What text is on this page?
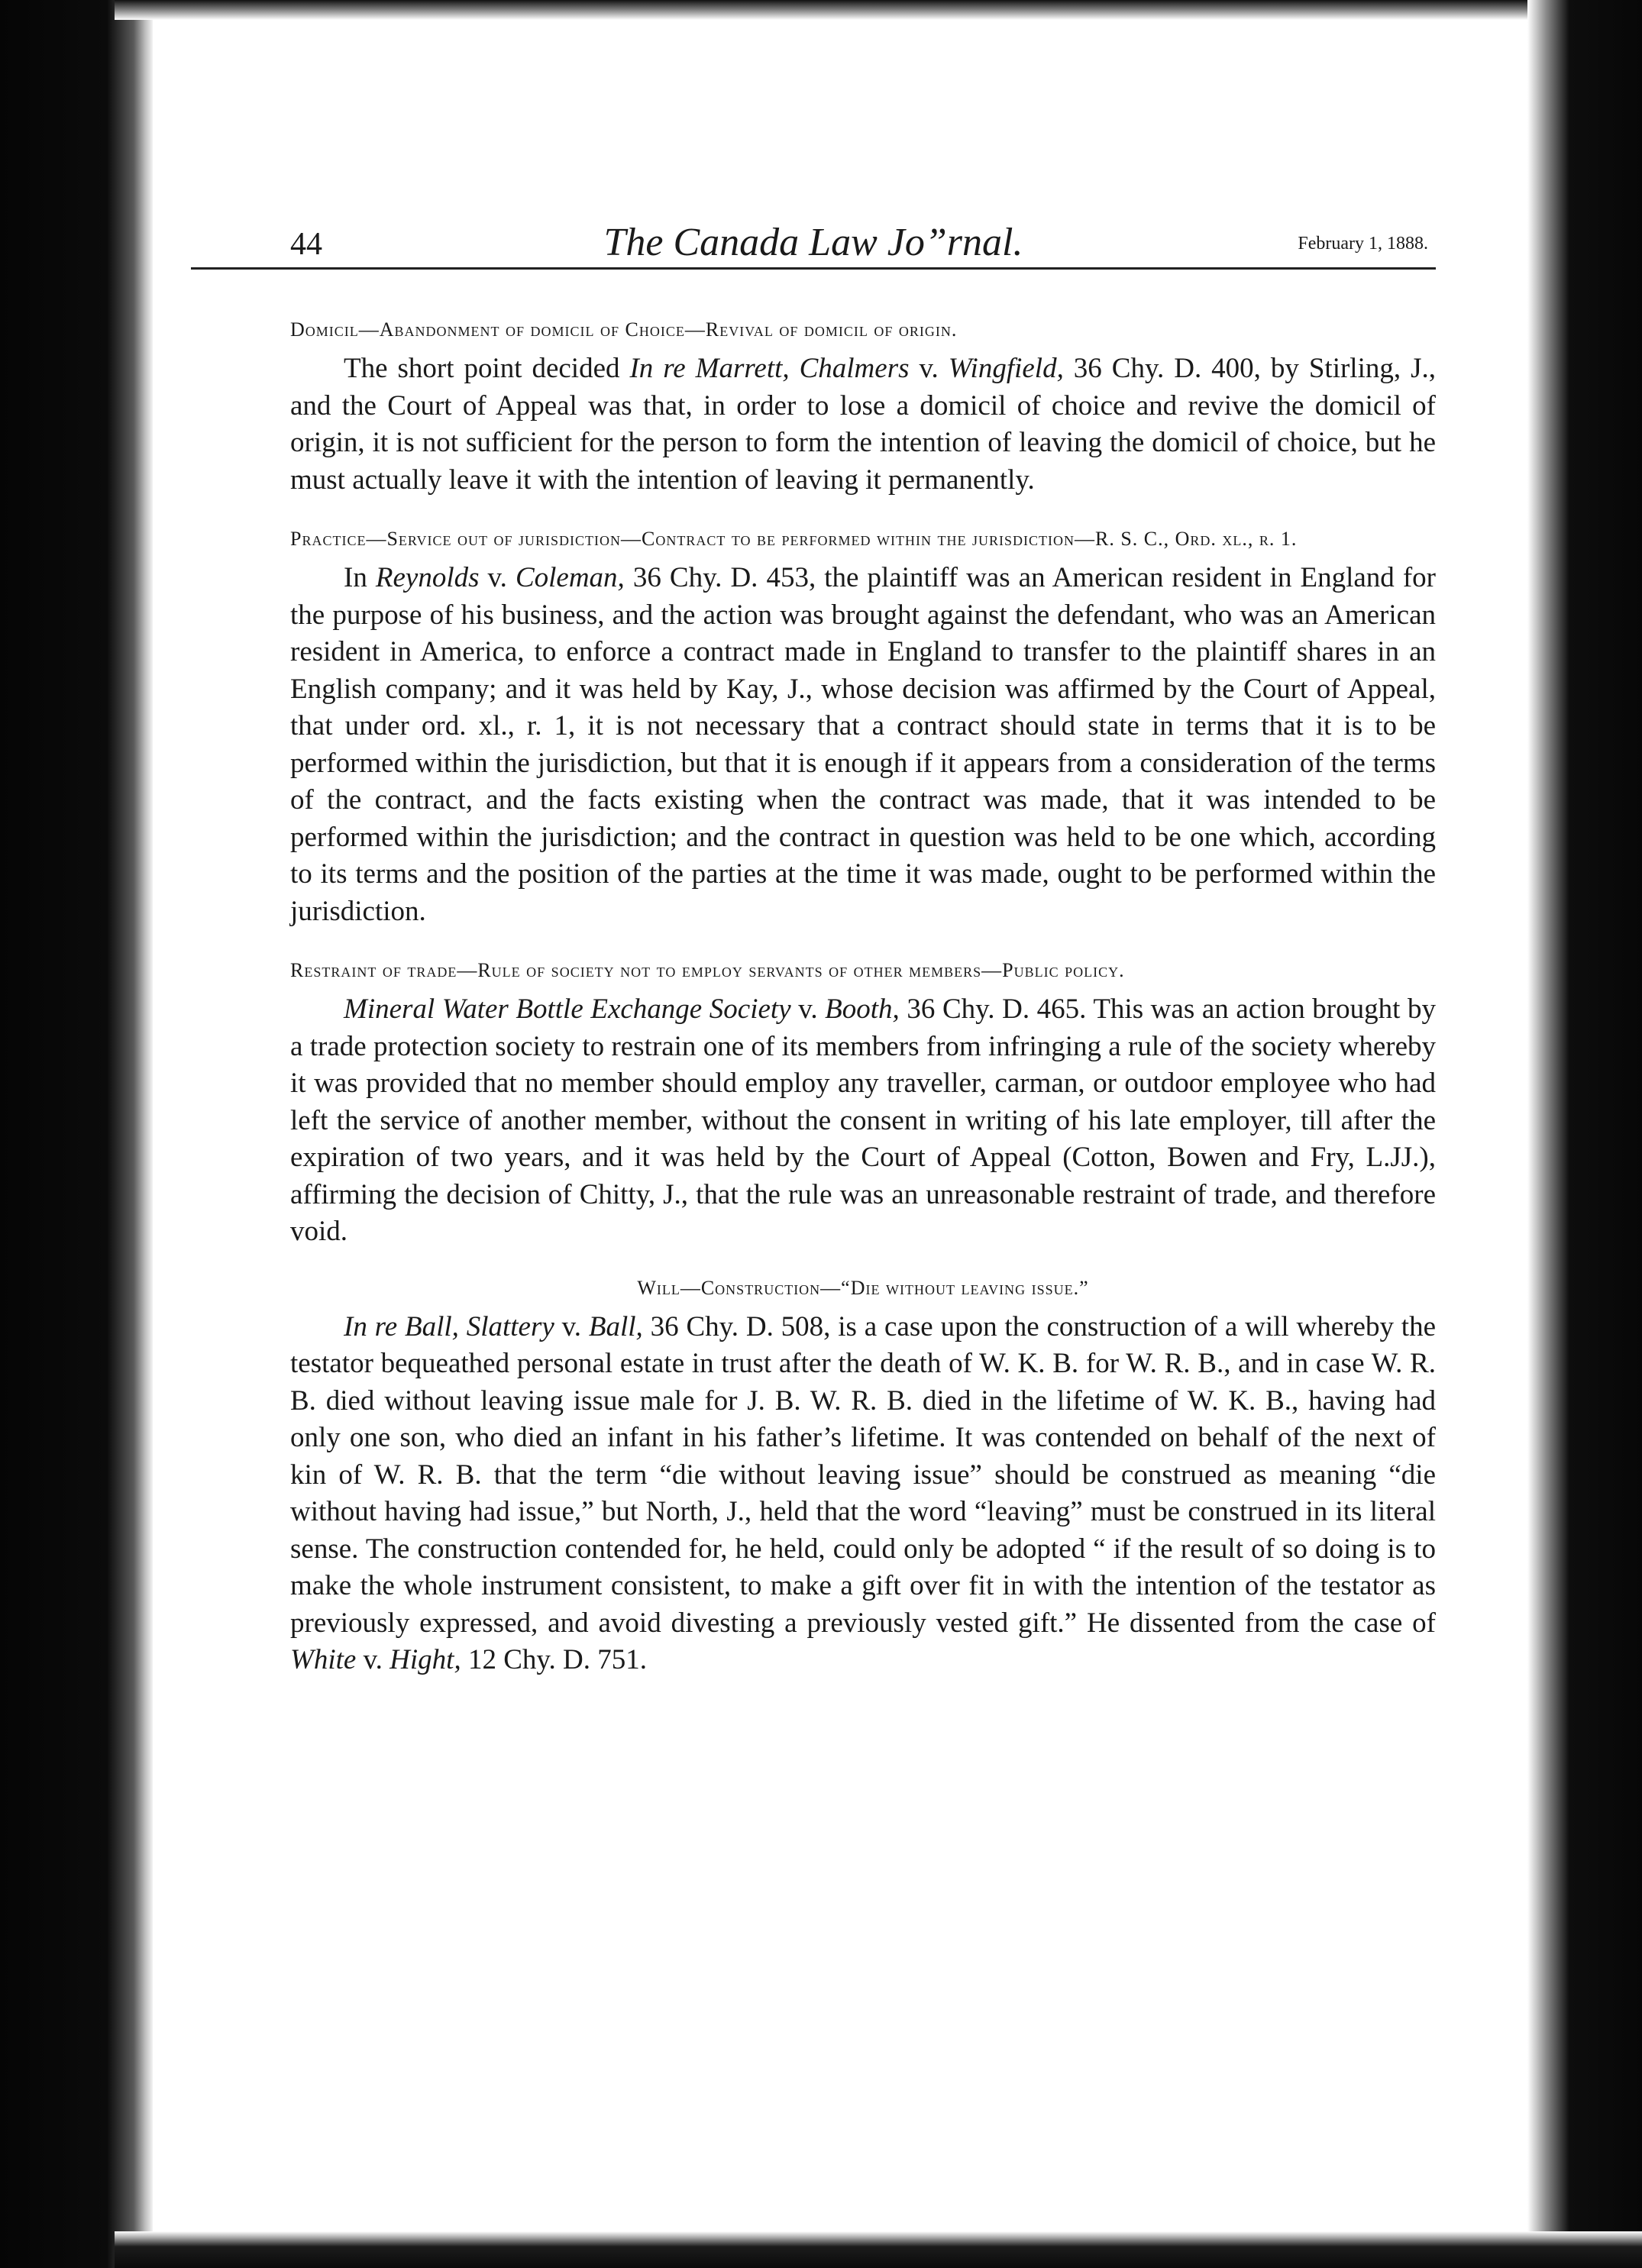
44	The Canada Law Jo”rnal.	February 1, 1888.
Domicil—Abandonment of domicil of Choice—Revival of domicil of origin.

The short point decided In re Marrett, Chalmers v. Wingfield, 36 Chy. D. 400, by Stirling, J., and the Court of Appeal was that, in order to lose a domicil of choice and revive the domicil of origin, it is not sufficient for the person to form the intention of leaving the domicil of choice, but he must actually leave it with the intention of leaving it permanently.

Practice—Service out of jurisdiction—Contract to be performed within the jurisdiction—R. S. C., Ord. xl., r. 1.

In Reynolds v. Coleman, 36 Chy. D. 453, the plaintiff was an American resident in England for the purpose of his business, and the action was brought against the defendant, who was an American resident in America, to enforce a contract made in England to transfer to the plaintiff shares in an English company; and it was held by Kay, J., whose decision was affirmed by the Court of Appeal, that under ord. xl., r. 1, it is not necessary that a contract should state in terms that it is to be performed within the jurisdiction, but that it is enough if it appears from a consideration of the terms of the contract, and the facts existing when the contract was made, that it was intended to be performed within the jurisdiction; and the contract in question was held to be one which, according to its terms and the position of the parties at the time it was made, ought to be performed within the jurisdiction.

Restraint of trade—Rule of society not to employ servants of other members—Public policy.

Mineral Water Bottle Exchange Society v. Booth, 36 Chy. D. 465. This was an action brought by a trade protection society to restrain one of its members from infringing a rule of the society whereby it was provided that no member should employ any traveller, carman, or outdoor employee who had left the service of another member, without the consent in writing of his late employer, till after the expiration of two years, and it was held by the Court of Appeal (Cotton, Bowen and Fry, L.JJ.), affirming the decision of Chitty, J., that the rule was an unreasonable restraint of trade, and therefore void.

Will—Construction—“Die without leaving issue.”

In re Ball, Slattery v. Ball, 36 Chy. D. 508, is a case upon the construction of a will whereby the testator bequeathed personal estate in trust after the death of W. K. B. for W. R. B., and in case W. R. B. died without leaving issue male for J. B. W. R. B. died in the lifetime of W. K. B., having had only one son, who died an infant in his father’s lifetime. It was contended on behalf of the next of kin of W. R. B. that the term “die without leaving issue” should be construed as meaning “die without having had issue,” but North, J., held that the word “leaving” must be construed in its literal sense. The construction contended for, he held, could only be adopted “ if the result of so doing is to make the whole instrument consistent, to make a gift over fit in with the intention of the testator as previously expressed, and avoid divesting a previously vested gift.” He dissented from the case of White v. Hight, 12 Chy. D. 751.
